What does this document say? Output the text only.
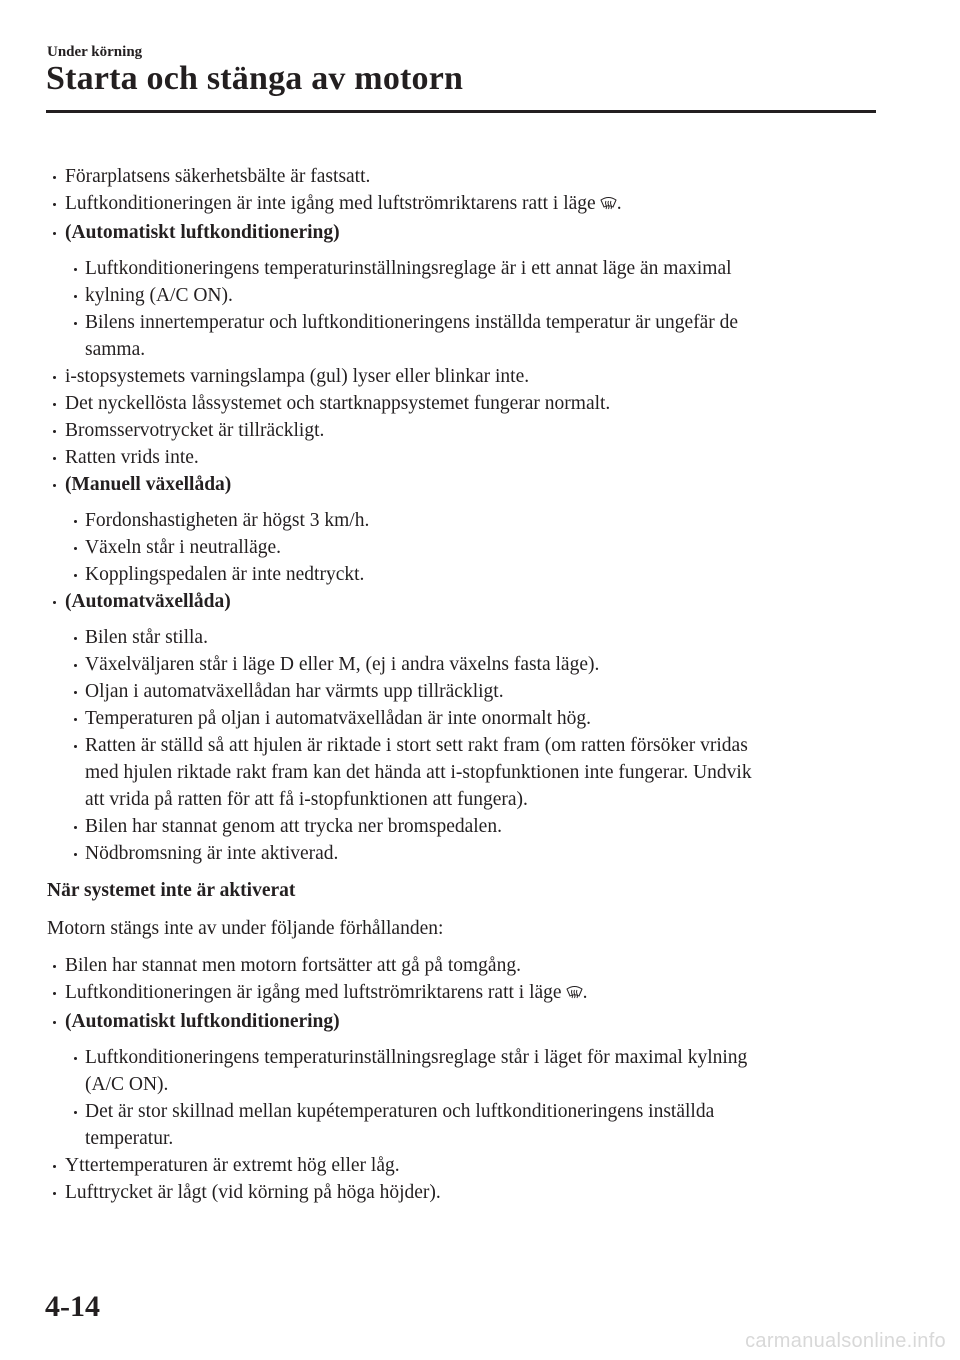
Under körning
Starta och stänga av motorn

Förarplatsens säkerhetsbälte är fastsatt.

Luftkonditioneringen är inte igång med luftströmriktarens ratt i läge .

(Automatiskt luftkonditionering)

Luftkonditioneringens temperaturinställningsreglage är i ett annat läge än maximal

kylning (A/C ON).

Bilens innertemperatur och luftkonditioneringens inställda temperatur är ungefär de

samma.

i-stopsystemets varningslampa (gul) lyser eller blinkar inte.

Det nyckellösta låssystemet och startknappsystemet fungerar normalt.

Bromsservotrycket är tillräckligt.

Ratten vrids inte.

(Manuell växellåda)

Fordonshastigheten är högst 3 km/h.

Växeln står i neutralläge.

Kopplingspedalen är inte nedtryckt.

(Automatväxellåda)

Bilen står stilla.

Växelväljaren står i läge D eller M, (ej i andra växelns fasta läge).

Oljan i automatväxellådan har värmts upp tillräckligt.

Temperaturen på oljan i automatväxellådan är inte onormalt hög.

Ratten är ställd så att hjulen är riktade i stort sett rakt fram (om ratten försöker vridas

med hjulen riktade rakt fram kan det hända att i-stopfunktionen inte fungerar. Undvik

att vrida på ratten för att få i-stopfunktionen att fungera).

Bilen har stannat genom att trycka ner bromspedalen.

Nödbromsning är inte aktiverad.

När systemet inte är aktiverat

Motorn stängs inte av under följande förhållanden:

Bilen har stannat men motorn fortsätter att gå på tomgång.

Luftkonditioneringen är igång med luftströmriktarens ratt i läge .

(Automatiskt luftkonditionering)

Luftkonditioneringens temperaturinställningsreglage står i läget för maximal kylning

(A/C ON).

Det är stor skillnad mellan kupétemperaturen och luftkonditioneringens inställda

temperatur.

Yttertemperaturen är extremt hög eller låg.

Lufttrycket är lågt (vid körning på höga höjder).

4-14
carmanualsonline.info
